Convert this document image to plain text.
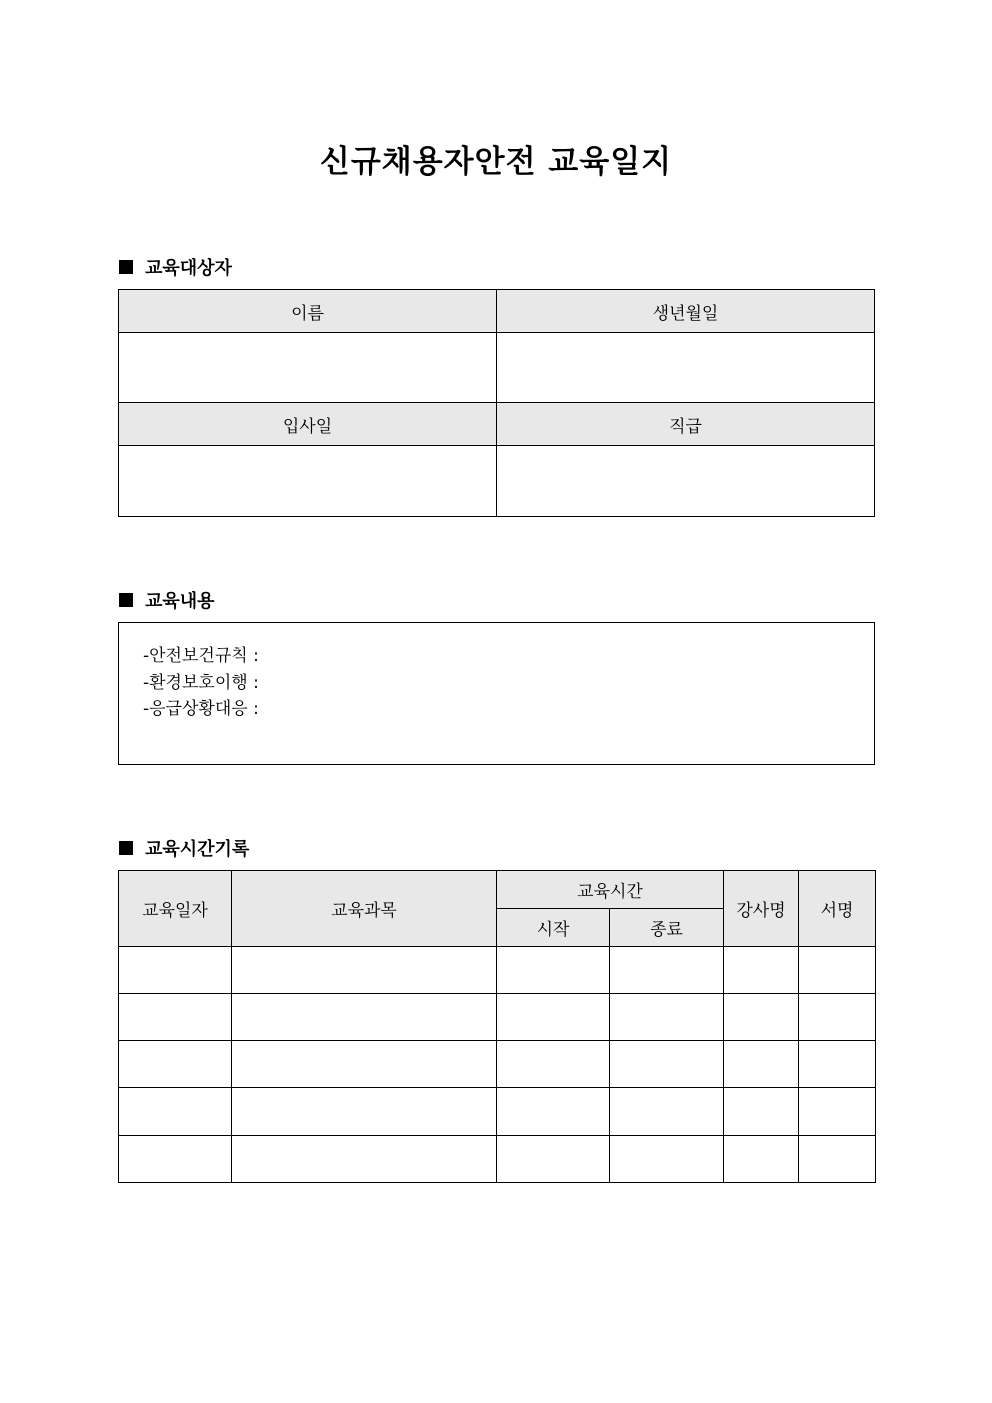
신규채용자안전 교육일지
교육대상자
이름	생년월일

입사일	직급

교육내용
-안전보건규칙 :
-환경보호이행 :
-응급상황대응 :
교육시간기록
교육일자	교육과목	교육시간		강사명	서명
		시작	종료		
